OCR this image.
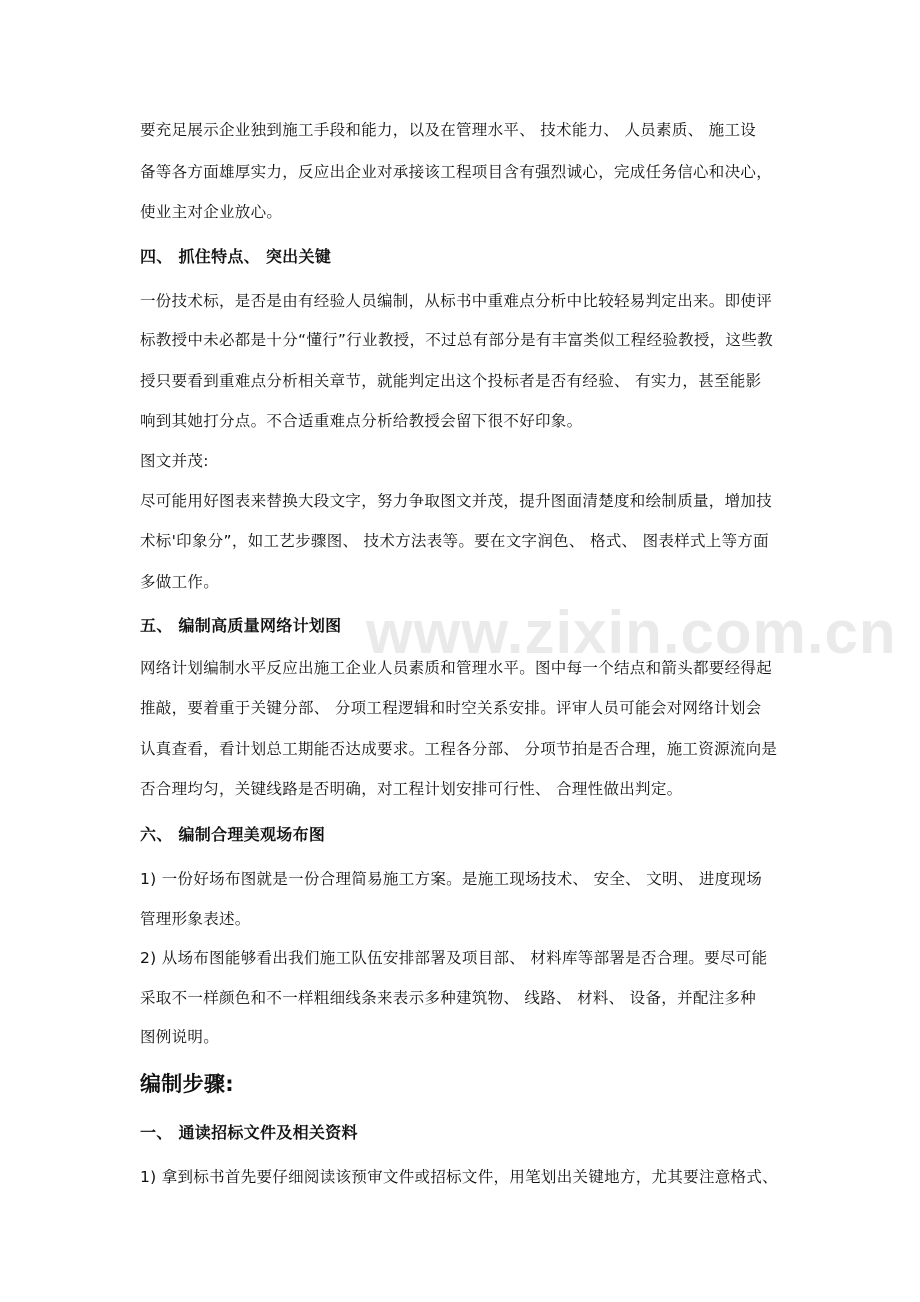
www.zixin.com.cn
要充足展示企业独到施工手段和能力，以及在管理水平、 技术能力、 人员素质、 施工设
备等各方面雄厚实力，反应出企业对承接该工程项目含有强烈诚心，完成任务信心和决心，
使业主对企业放心。
四、 抓住特点、 突出关键
一份技术标，是否是由有经验人员编制，从标书中重难点分析中比较轻易判定出来。即使评
标教授中未必都是十分“懂行”行业教授，不过总有部分是有丰富类似工程经验教授，这些教
授只要看到重难点分析相关章节，就能判定出这个投标者是否有经验、 有实力，甚至能影
响到其她打分点。不合适重难点分析给教授会留下很不好印象。
图文并茂:
尽可能用好图表来替换大段文字，努力争取图文并茂，提升图面清楚度和绘制质量，增加技
术标'印象分”，如工艺步骤图、 技术方法表等。要在文字润色、 格式、 图表样式上等方面
多做工作。
五、 编制高质量网络计划图
网络计划编制水平反应出施工企业人员素质和管理水平。图中每一个结点和箭头都要经得起
推敲，要着重于关键分部、 分项工程逻辑和时空关系安排。评审人员可能会对网络计划会
认真查看，看计划总工期能否达成要求。工程各分部、 分项节拍是否合理，施工资源流向是
否合理均匀，关键线路是否明确，对工程计划安排可行性、 合理性做出判定。
六、 编制合理美观场布图
1) 一份好场布图就是一份合理简易施工方案。是施工现场技术、 安全、 文明、 进度现场
管理形象表述。
2) 从场布图能够看出我们施工队伍安排部署及项目部、 材料库等部署是否合理。要尽可能
采取不一样颜色和不一样粗细线条来表示多种建筑物、 线路、 材料、 设备，并配注多种
图例说明。
编制步骤:
一、 通读招标文件及相关资料
1) 拿到标书首先要仔细阅读该预审文件或招标文件，用笔划出关键地方，尤其要注意格式、
